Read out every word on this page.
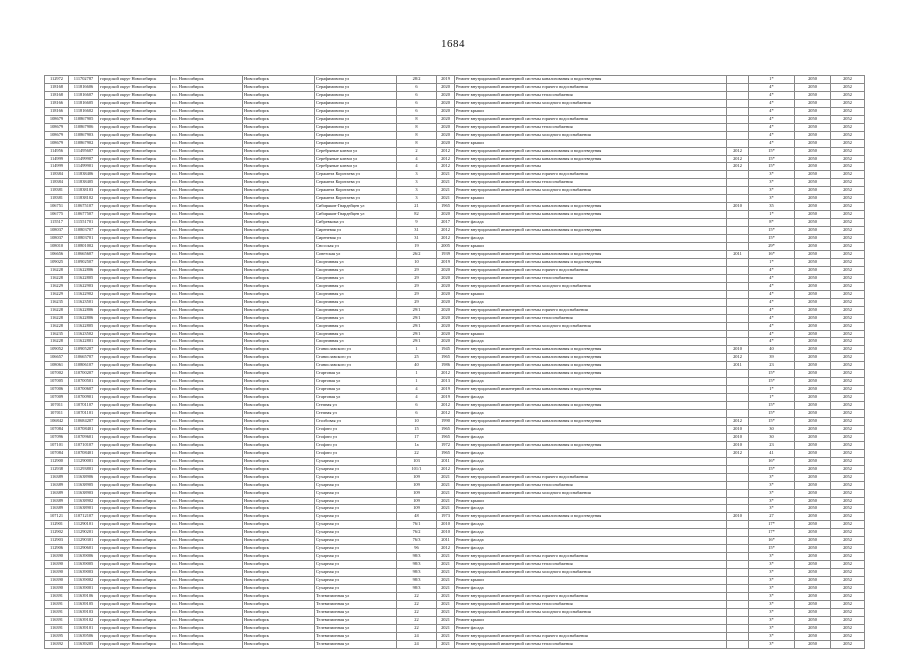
1684
112972	111702787	городской округ Новосибирск	г.о. Новосибирск	Новосибирск	Серафимовича ул	28/2	2019	Ремонт внутридомовой инженерной системы канализования и водоотведения		1*	2050	2052
118168	111816606	городской округ Новосибирск	г.о. Новосибирск	Новосибирск	Серафимовича ул	6	2020	Ремонт внутридомовой инженерной системы горячего водоснабжения		4*	2050	2052
118168	111816607	городской округ Новосибирск	г.о. Новосибирск	Новосибирск	Серафимовича ул	6	2020	Ремонт внутридомовой инженерной системы теплоснабжения		4*	2050	2052
118166	111816605	городской округ Новосибирск	г.о. Новосибирск	Новосибирск	Серафимовича ул	6	2020	Ремонт внутридомовой инженерной системы холодного водоснабжения		4*	2050	2052
118166	111816602	городской округ Новосибирск	г.о. Новосибирск	Новосибирск	Серафимовича ул	6	2020	Ремонт крыши		4*	2050	2052
108679	110867905	городской округ Новосибирск	г.о. Новосибирск	Новосибирск	Серафимовича ул	8	2020	Ремонт внутридомовой инженерной системы горячего водоснабжения		4*	2050	2052
108679	110867906	городской округ Новосибирск	г.о. Новосибирск	Новосибирск	Серафимовича ул	8	2020	Ремонт внутридомовой инженерной системы теплоснабжения		4*	2050	2052
108679	110867903	городской округ Новосибирск	г.о. Новосибирск	Новосибирск	Серафимовича ул	8	2020	Ремонт внутридомовой инженерной системы холодного водоснабжения		4*	2050	2052
108679	110867902	городской округ Новосибирск	г.о. Новосибирск	Новосибирск	Серафимовича ул	8	2020	Ремонт крыши		4*	2050	2052
114956	111495607	городской округ Новосибирск	г.о. Новосибирск	Новосибирск	Серебряные ключи ул	2	2012	Ремонт внутридомовой инженерной системы канализования и водоотведения	2012	15*	2050	2052
114999	111499907	городской округ Новосибирск	г.о. Новосибирск	Новосибирск	Серебряные ключи ул	4	2012	Ремонт внутридомовой инженерной системы канализования и водоотведения	2012	15*	2050	2052
114999	111499901	городской округ Новосибирск	г.о. Новосибирск	Новосибирск	Серебряные ключи ул	4	2012	Ремонт внутридомовой инженерной системы	2012	15*	2050	2052
118384	111838406	городской округ Новосибирск	г.о. Новосибирск	Новосибирск	Сержанта Коротаева ул	3	2021	Ремонт внутридомовой инженерной системы горячего водоснабжения		3*	2050	2052
118384	111838405	городской округ Новосибирск	г.о. Новосибирск	Новосибирск	Сержанта Коротаева ул	3	2021	Ремонт внутридомовой инженерной системы теплоснабжения		3*	2050	2052
118381	111838103	городской округ Новосибирск	г.о. Новосибирск	Новосибирск	Сержанта Коротаева ул	3	2021	Ремонт внутридомовой инженерной системы холодного водоснабжения		3*	2050	2052
118381	111838102	городской округ Новосибирск	г.о. Новосибирск	Новосибирск	Сержанта Коротаева ул	3	2021	Ремонт крыши		3*	2050	2052
106751	110675107	городской округ Новосибирск	г.о. Новосибирск	Новосибирск	Сибиряков-Гвардейцев ул	21	1965	Ремонт внутридомовой инженерной системы канализования и водоотведения	2010	35	2050	2052
106775	110677507	городской округ Новосибирск	г.о. Новосибирск	Новосибирск	Сибиряков-Гвардейцев ул	82	2020	Ремонт внутридомовой инженерной системы канализования и водоотведения		1*	2050	2052
115517	111551701	городской округ Новосибирск	г.о. Новосибирск	Новосибирск	Сибревкома ул	9	2017	Ремонт фасада		8*	2050	2052
108037	110803707	городской округ Новосибирск	г.о. Новосибирск	Новосибирск	Сиреневая ул	31	2012	Ремонт внутридомовой инженерной системы канализования и водоотведения		15*	2050	2052
108037	110803701	городской округ Новосибирск	г.о. Новосибирск	Новосибирск	Сиреневая ул	31	2012	Ремонт фасада		15*	2050	2052
108010	110801002	городской округ Новосибирск	г.о. Новосибирск	Новосибирск	Сносская ул	19	2005	Ремонт крыши		29*	2050	2052
106656	110665607	городской округ Новосибирск	г.о. Новосибирск	Новосибирск	Советская ул	26/2	1939	Ремонт внутридомовой инженерной системы канализования и водоотведения	2011	16*	2050	2052
109025	110902507	городской округ Новосибирск	г.о. Новосибирск	Новосибирск	Спортивная ул	10	2019	Ремонт внутридомовой инженерной системы канализования и водоотведения		1*	2050	2052
116228	111622806	городской округ Новосибирск	г.о. Новосибирск	Новосибирск	Спортивная ул	29	2020	Ремонт внутридомовой инженерной системы горячего водоснабжения		4*	2050	2052
116228	111622805	городской округ Новосибирск	г.о. Новосибирск	Новосибирск	Спортивная ул	29	2020	Ремонт внутридомовой инженерной системы теплоснабжения		4*	2050	2052
116229	111622903	городской округ Новосибирск	г.о. Новосибирск	Новосибирск	Спортивная ул	29	2020	Ремонт внутридомовой инженерной системы холодного водоснабжения		4*	2050	2052
116229	111622902	городской округ Новосибирск	г.о. Новосибирск	Новосибирск	Спортивная ул	29	2020	Ремонт крыши		4*	2050	2052
116235	111623501	городской округ Новосибирск	г.о. Новосибирск	Новосибирск	Спортивная ул	29	2020	Ремонт фасада		4*	2050	2052
116228	111622806	городской округ Новосибирск	г.о. Новосибирск	Новосибирск	Спортивная ул	29/1	2020	Ремонт внутридомовой инженерной системы горячего водоснабжения		4*	2050	2052
116228	111622806	городской округ Новосибирск	г.о. Новосибирск	Новосибирск	Спортивная ул	29/1	2020	Ремонт внутридомовой инженерной системы теплоснабжения		4*	2050	2052
116228	111622805	городской округ Новосибирск	г.о. Новосибирск	Новосибирск	Спортивная ул	29/1	2020	Ремонт внутридомовой инженерной системы холодного водоснабжения		4*	2050	2052
116235	111623502	городской округ Новосибирск	г.о. Новосибирск	Новосибирск	Спортивная ул	29/1	2020	Ремонт крыши		4*	2050	2052
116228	111622801	городской округ Новосибирск	г.о. Новосибирск	Новосибирск	Спортивная ул	29/1	2020	Ремонт фасада		4*	2050	2052
109052	110905207	городской округ Новосибирск	г.о. Новосибирск	Новосибирск	Станиславского ул	1	1945	Ремонт внутридомовой инженерной системы канализования и водоотведения	2010	40	2050	2052
106657	110665707	городской округ Новосибирск	г.о. Новосибирск	Новосибирск	Станиславского ул	25	1965	Ремонт внутридомовой инженерной системы канализования и водоотведения	2012	39	2050	2052
108061	110806107	городской округ Новосибирск	г.о. Новосибирск	Новосибирск	Станиславского ул	40	1986	Ремонт внутридомовой инженерной системы канализования и водоотведения	2011	23	2050	2052
107002	110700207	городской округ Новосибирск	г.о. Новосибирск	Новосибирск	Стартовая ул	1	2012	Ремонт внутридомовой инженерной системы канализования и водоотведения		15*	2050	2052
107005	110700501	городской округ Новосибирск	г.о. Новосибирск	Новосибирск	Стартовая ул	1	2013	Ремонт фасада		15*	2050	2052
107006	110700607	городской округ Новосибирск	г.о. Новосибирск	Новосибирск	Стартовая ул	4	2019	Ремонт внутридомовой инженерной системы канализования и водоотведения		1*	2050	2052
107009	110700901	городской округ Новосибирск	г.о. Новосибирск	Новосибирск	Стартовая ул	4	2019	Ремонт фасада		1*	2050	2052
107011	110701107	городской округ Новосибирск	г.о. Новосибирск	Новосибирск	Степная ул	6	2012	Ремонт внутридомовой инженерной системы канализования и водоотведения		15*	2050	2052
107011	110701101	городской округ Новосибирск	г.о. Новосибирск	Новосибирск	Степная ул	6	2012	Ремонт фасада		15*	2050	2052
106842	110684207	городской округ Новосибирск	г.о. Новосибирск	Новосибирск	Столбовая ул	10	1990	Ремонт внутридомовой инженерной системы канализования и водоотведения	2012	15*	2050	2052
107084	110708401	городской округ Новосибирск	г.о. Новосибирск	Новосибирск	Стофато ул	15	1965	Ремонт фасада	2010	30	2050	2052
107096	110709601	городской округ Новосибирск	г.о. Новосибирск	Новосибирск	Стофато ул	17	1965	Ремонт фасада	2010	30	2050	2052
107101	110710107	городской округ Новосибирск	г.о. Новосибирск	Новосибирск	Стофато ул	1а	1972	Ремонт внутридомовой инженерной системы канализования и водоотведения	2010	23	2050	2052
107084	110708401	городской округ Новосибирск	г.о. Новосибирск	Новосибирск	Стофато ул	22	1965	Ремонт фасада	2012	41	2050	2052
112900	111290001	городской округ Новосибирск	г.о. Новосибирск	Новосибирск	Сухарная ул	103	2011	Ремонт фасада		16*	2050	2052
112938	111293801	городской округ Новосибирск	г.о. Новосибирск	Новосибирск	Сухарная ул	101/1	2012	Ремонт фасада		15*	2050	2052
116389	111638906	городской округ Новосибирск	г.о. Новосибирск	Новосибирск	Сухарная ул	109	2021	Ремонт внутридомовой инженерной системы горячего водоснабжения		3*	2050	2052
116389	111638905	городской округ Новосибирск	г.о. Новосибирск	Новосибирск	Сухарная ул	109	2021	Ремонт внутридомовой инженерной системы теплоснабжения		3*	2050	2052
116389	111638903	городской округ Новосибирск	г.о. Новосибирск	Новосибирск	Сухарная ул	109	2021	Ремонт внутридомовой инженерной системы холодного водоснабжения		3*	2050	2052
116389	111638902	городской округ Новосибирск	г.о. Новосибирск	Новосибирск	Сухарная ул	109	2021	Ремонт крыши		3*	2050	2052
116389	111638901	городской округ Новосибирск	г.о. Новосибирск	Новосибирск	Сухарная ул	109	2021	Ремонт фасада		3*	2050	2052
107121	110712107	городской округ Новосибирск	г.о. Новосибирск	Новосибирск	Сухарная ул	48	1973	Ремонт внутридомовой инженерной системы канализования и водоотведения	2010	27	2050	2052
112901	111290101	городской округ Новосибирск	г.о. Новосибирск	Новосибирск	Сухарная ул	76/1	2010	Ремонт фасада		17*	2050	2052
112902	111290201	городской округ Новосибирск	г.о. Новосибирск	Новосибирск	Сухарная ул	76/2	2010	Ремонт фасада		17*	2050	2052
112903	111290301	городской округ Новосибирск	г.о. Новосибирск	Новосибирск	Сухарная ул	76/3	2011	Ремонт фасада		16*	2050	2052
112906	111290601	городской округ Новосибирск	г.о. Новосибирск	Новосибирск	Сухарная ул	96	2012	Ремонт фасада		15*	2050	2052
116390	111639006	городской округ Новосибирск	г.о. Новосибирск	Новосибирск	Сухарная ул	98/3	2021	Ремонт внутридомовой инженерной системы горячего водоснабжения		3*	2050	2052
116390	111639005	городской округ Новосибирск	г.о. Новосибирск	Новосибирск	Сухарная ул	98/3	2021	Ремонт внутридомовой инженерной системы теплоснабжения		3*	2050	2052
116390	111639003	городской округ Новосибирск	г.о. Новосибирск	Новосибирск	Сухарная ул	98/3	2021	Ремонт внутридомовой инженерной системы холодного водоснабжения		3*	2050	2052
116390	111639002	городской округ Новосибирск	г.о. Новосибирск	Новосибирск	Сухарная ул	98/3	2021	Ремонт крыши		3*	2050	2052
116390	111639001	городской округ Новосибирск	г.о. Новосибирск	Новосибирск	Сухарная ул	98/3	2021	Ремонт фасада		3*	2050	2052
116391	111639106	городской округ Новосибирск	г.о. Новосибирск	Новосибирск	Телевизионная ул	22	2021	Ремонт внутридомовой инженерной системы горячего водоснабжения		3*	2050	2052
116391	111639105	городской округ Новосибирск	г.о. Новосибирск	Новосибирск	Телевизионная ул	22	2021	Ремонт внутридомовой инженерной системы теплоснабжения		3*	2050	2052
116391	111639103	городской округ Новосибирск	г.о. Новосибирск	Новосибирск	Телевизионная ул	22	2021	Ремонт внутридомовой инженерной системы холодного водоснабжения		3*	2050	2052
116391	111639102	городской округ Новосибирск	г.о. Новосибирск	Новосибирск	Телевизионная ул	22	2021	Ремонт крыши		3*	2050	2052
116391	111639101	городской округ Новосибирск	г.о. Новосибирск	Новосибирск	Телевизионная ул	22	2021	Ремонт фасада		3*	2050	2052
116395	111639506	городской округ Новосибирск	г.о. Новосибирск	Новосибирск	Телевизионная ул	24	2021	Ремонт внутридомовой инженерной системы горячего водоснабжения		3*	2050	2052
116392	111639205	городской округ Новосибирск	г.о. Новосибирск	Новосибирск	Телевизионная ул	24	2021	Ремонт внутридомовой инженерной системы теплоснабжения		3*	2050	2052
